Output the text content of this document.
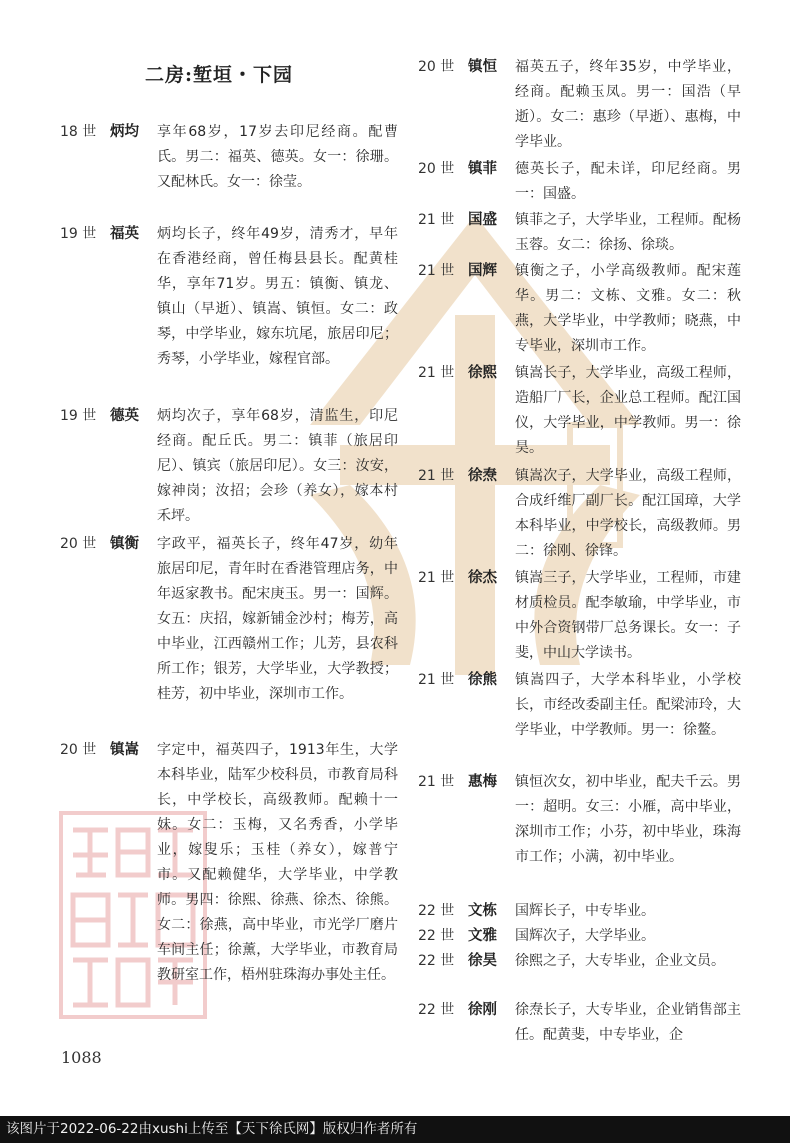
二房:堑垣・下园
18 世 炳均	享年68岁，17岁去印尼经商。配曹氏。男二：福英、德英。女一：徐珊。又配林氏。女一：徐莹。
19 世 福英	炳均长子，终年49岁，清秀才，早年在香港经商，曾任梅县县长。配黄桂华，享年71岁。男五：镇衡、镇龙、镇山（早逝）、镇嵩、镇恒。女二：政琴，中学毕业，嫁东坑尾，旅居印尼；秀琴，小学毕业，嫁程官部。
19 世 德英	炳均次子，享年68岁，清监生，印尼经商。配丘氏。男二：镇菲（旅居印尼）、镇宾（旅居印尼）。女三：汝安，嫁神岗；汝招；会珍（养女），嫁本村禾坪。
20 世 镇衡	字政平，福英长子，终年47岁，幼年旅居印尼，青年时在香港管理店务，中年返家教书。配宋庚玉。男一：国辉。女五：庆招，嫁新铺金沙村；梅芳，高中毕业，江西赣州工作；儿芳，县农科所工作；银芳，大学毕业，大学教授；桂芳，初中毕业，深圳市工作。
20 世 镇嵩	字定中，福英四子，1913年生，大学本科毕业，陆军少校科员，市教育局科长，中学校长，高级教师。配赖十一妹。女二：玉梅，又名秀香，小学毕业，嫁叟乐；玉桂（养女），嫁普宁市。又配赖健华，大学毕业，中学教师。男四：徐熙、徐燕、徐杰、徐熊。女二：徐燕，高中毕业，市光学厂磨片车间主任；徐薰，大学毕业，市教育局教研室工作，梧州驻珠海办事处主任。
20 世 镇恒	福英五子，终年35岁，中学毕业，经商。配赖玉凤。男一：国浩（早逝）。女二：惠珍（早逝）、惠梅，中学毕业。
20 世 镇菲	德英长子，配未详，印尼经商。男一：国盛。
21 世 国盛	镇菲之子，大学毕业，工程师。配杨玉蓉。女二：徐扬、徐琰。
21 世 国辉	镇衡之子，小学高级教师。配宋莲华。男二：文栋、文雅。女二：秋燕，大学毕业，中学教师；晓燕，中专毕业，深圳市工作。
21 世 徐熙	镇嵩长子，大学毕业，高级工程师，造船厂厂长，企业总工程师。配江国仪，大学毕业，中学教师。男一：徐昊。
21 世 徐焘	镇嵩次子，大学毕业，高级工程师，合成纤维厂副厂长。配江国璋，大学本科毕业，中学校长，高级教师。男二：徐刚、徐锋。
21 世 徐杰	镇嵩三子，大学毕业，工程师，市建材质检员。配李敏瑜，中学毕业，市中外合资钢带厂总务课长。女一：子斐，中山大学读书。
21 世 徐熊	镇嵩四子，大学本科毕业，小学校长，市经改委副主任。配梁沛玲，大学毕业，中学教师。男一：徐鳌。
21 世 惠梅	镇恒次女，初中毕业，配夫千云。男一：超明。女三：小雁，高中毕业，深圳市工作；小芬，初中毕业，珠海市工作；小满，初中毕业。
22 世 文栋	国辉长子，中专毕业。
22 世 文雅	国辉次子，大学毕业。
22 世 徐昊	徐熙之子，大专毕业，企业文员。
22 世 徐刚	徐焘长子，大专毕业，企业销售部主任。配黄斐，中专毕业，企
1088
该图片于2022-06-22由xushi上传至【天下徐氏网】版权归作者所有
